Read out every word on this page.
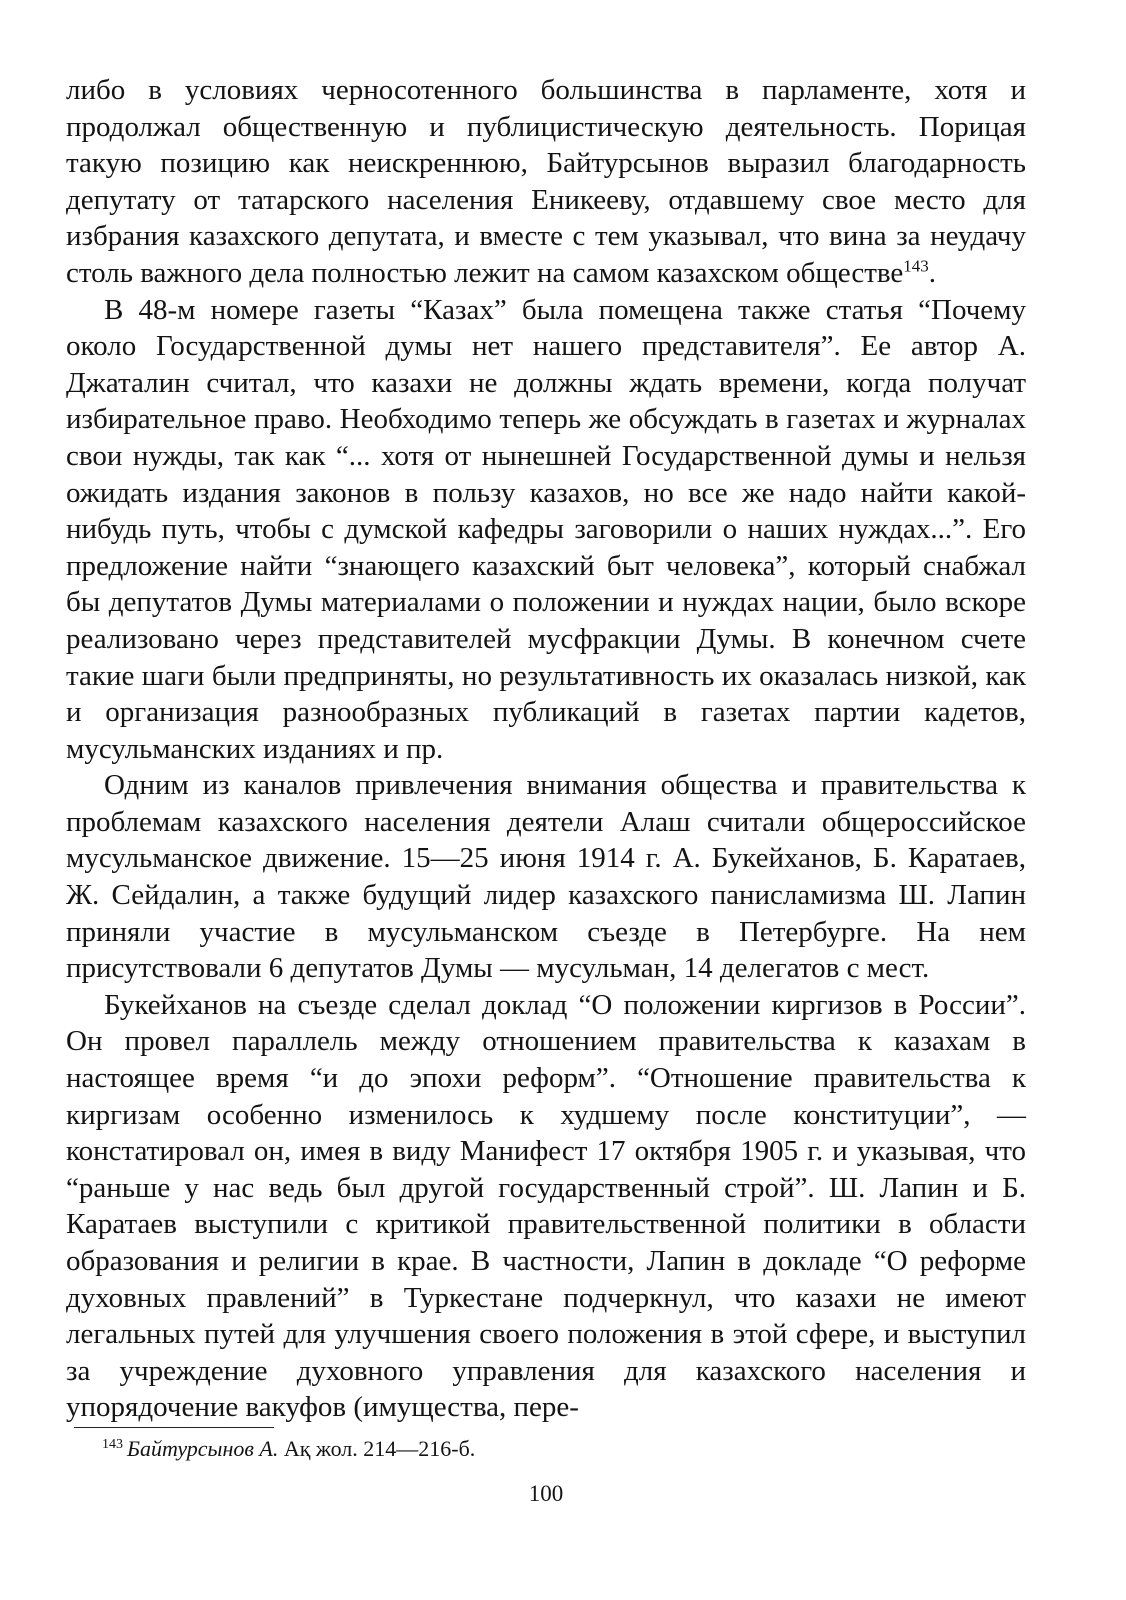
либо в условиях черносотенного большинства в парламенте, хотя и продолжал общественную и публицистическую деятельность. Порицая такую позицию как неискреннюю, Байтурсынов выразил благодарность депутату от татарского населения Еникееву, отдавшему свое место для избрания казахского депутата, и вместе с тем указывал, что вина за неудачу столь важного дела полностью лежит на самом казахском обществе$^{143}$.

В 48-м номере газеты “Казах” была помещена также статья “Почему около Государственной думы нет нашего представителя”. Ее автор А. Джаталин считал, что казахи не должны ждать времени, когда получат избирательное право. Необходимо теперь же обсуждать в газетах и журналах свои нужды, так как “... хотя от нынешней Государственной думы и нельзя ожидать издания законов в пользу казахов, но все же надо найти какой-нибудь путь, чтобы с думской кафедры заговорили о наших нуждах...”. Его предложение найти “знающего казахский быт человека”, который снабжал бы депутатов Думы материалами о положении и нуждах нации, было вскоре реализовано через представителей мусфракции Думы. В конечном счете такие шаги были предприняты, но результативность их оказалась низкой, как и организация разнообразных публикаций в газетах партии кадетов, мусульманских изданиях и пр.

Одним из каналов привлечения внимания общества и правительства к проблемам казахского населения деятели Алаш считали общероссийское мусульманское движение. 15—25 июня 1914 г. А. Букейханов, Б. Каратаев, Ж. Сейдалин, а также будущий лидер казахского панисламизма Ш. Лапин приняли участие в мусульманском съезде в Петербурге. На нем присутствовали 6 депутатов Думы — мусульман, 14 делегатов с мест.

Букейханов на съезде сделал доклад “О положении киргизов в России”. Он провел параллель между отношением правительства к казахам в настоящее время “и до эпохи реформ”. “Отношение правительства к киргизам особенно изменилось к худшему после конституции”, — констатировал он, имея в виду Манифест 17 октября 1905 г. и указывая, что “раньше у нас ведь был другой государственный строй”. Ш. Лапин и Б. Каратаев выступили с критикой правительственной политики в области образования и религии в крае. В частности, Лапин в докладе “О реформе духовных правлений” в Туркестане подчеркнул, что казахи не имеют легальных путей для улучшения своего положения в этой сфере, и выступил за учреждение духовного управления для казахского населения и упорядочение вакуфов (имущества, пере-

$^{143}$ Байтурсынов А. Ақ жол. 214—216-б.
100
